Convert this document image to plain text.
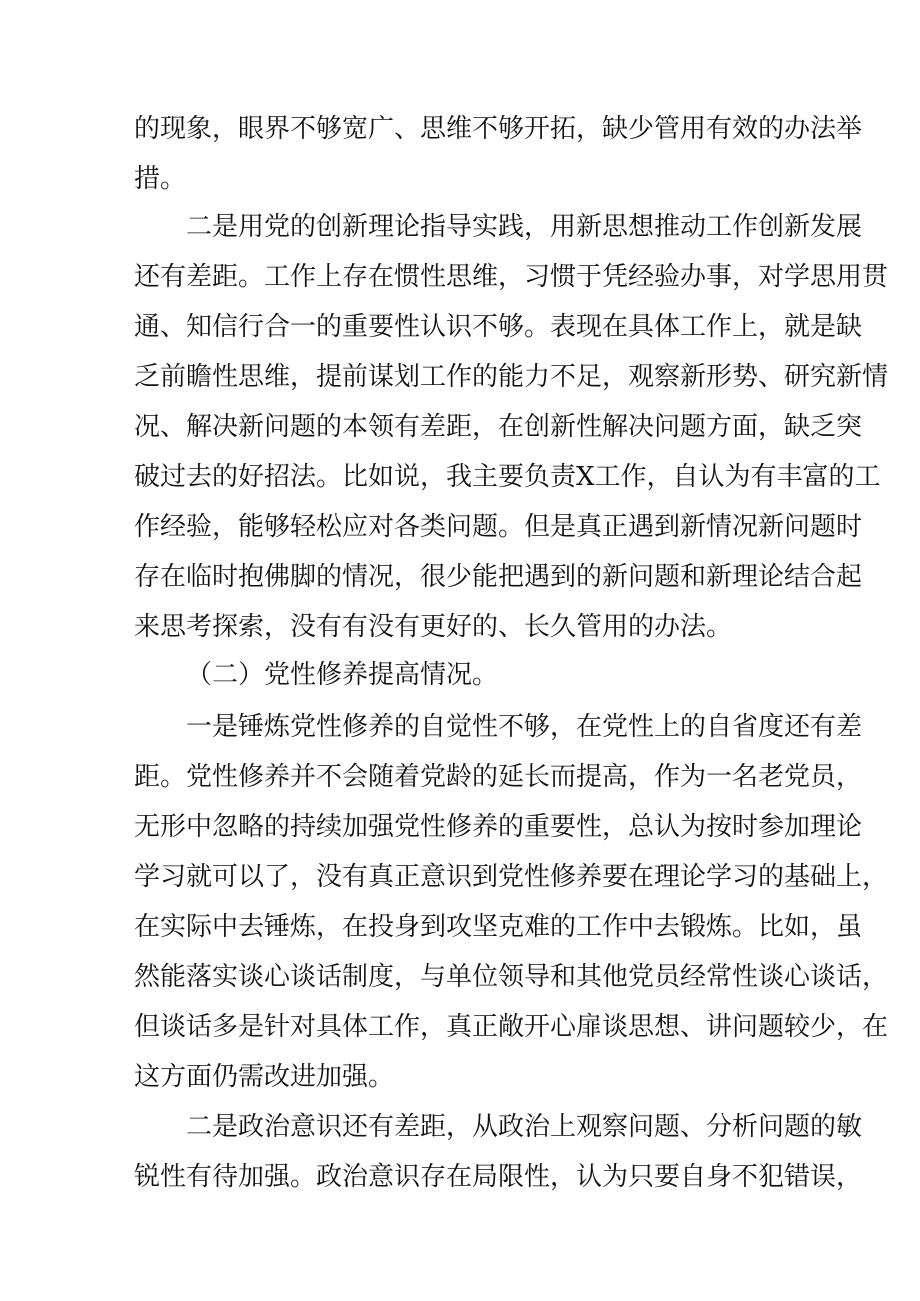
的现象，眼界不够宽广、思维不够开拓，缺少管用有效的办法举
措。
二是用党的创新理论指导实践，用新思想推动工作创新发展
还有差距。工作上存在惯性思维，习惯于凭经验办事，对学思用贯
通、知信行合一的重要性认识不够。表现在具体工作上，就是缺
乏前瞻性思维，提前谋划工作的能力不足，观察新形势、研究新情
况、解决新问题的本领有差距，在创新性解决问题方面，缺乏突
破过去的好招法。比如说，我主要负责X工作，自认为有丰富的工
作经验，能够轻松应对各类问题。但是真正遇到新情况新问题时
存在临时抱佛脚的情况，很少能把遇到的新问题和新理论结合起
来思考探索，没有有没有更好的、长久管用的办法。
（二）党性修养提高情况。
一是锤炼党性修养的自觉性不够，在党性上的自省度还有差
距。党性修养并不会随着党龄的延长而提高，作为一名老党员，
无形中忽略的持续加强党性修养的重要性，总认为按时参加理论
学习就可以了，没有真正意识到党性修养要在理论学习的基础上，
在实际中去锤炼，在投身到攻坚克难的工作中去锻炼。比如，虽
然能落实谈心谈话制度，与单位领导和其他党员经常性谈心谈话，
但谈话多是针对具体工作，真正敞开心扉谈思想、讲问题较少，在
这方面仍需改进加强。
二是政治意识还有差距，从政治上观察问题、分析问题的敏
锐性有待加强。政治意识存在局限性，认为只要自身不犯错误，
